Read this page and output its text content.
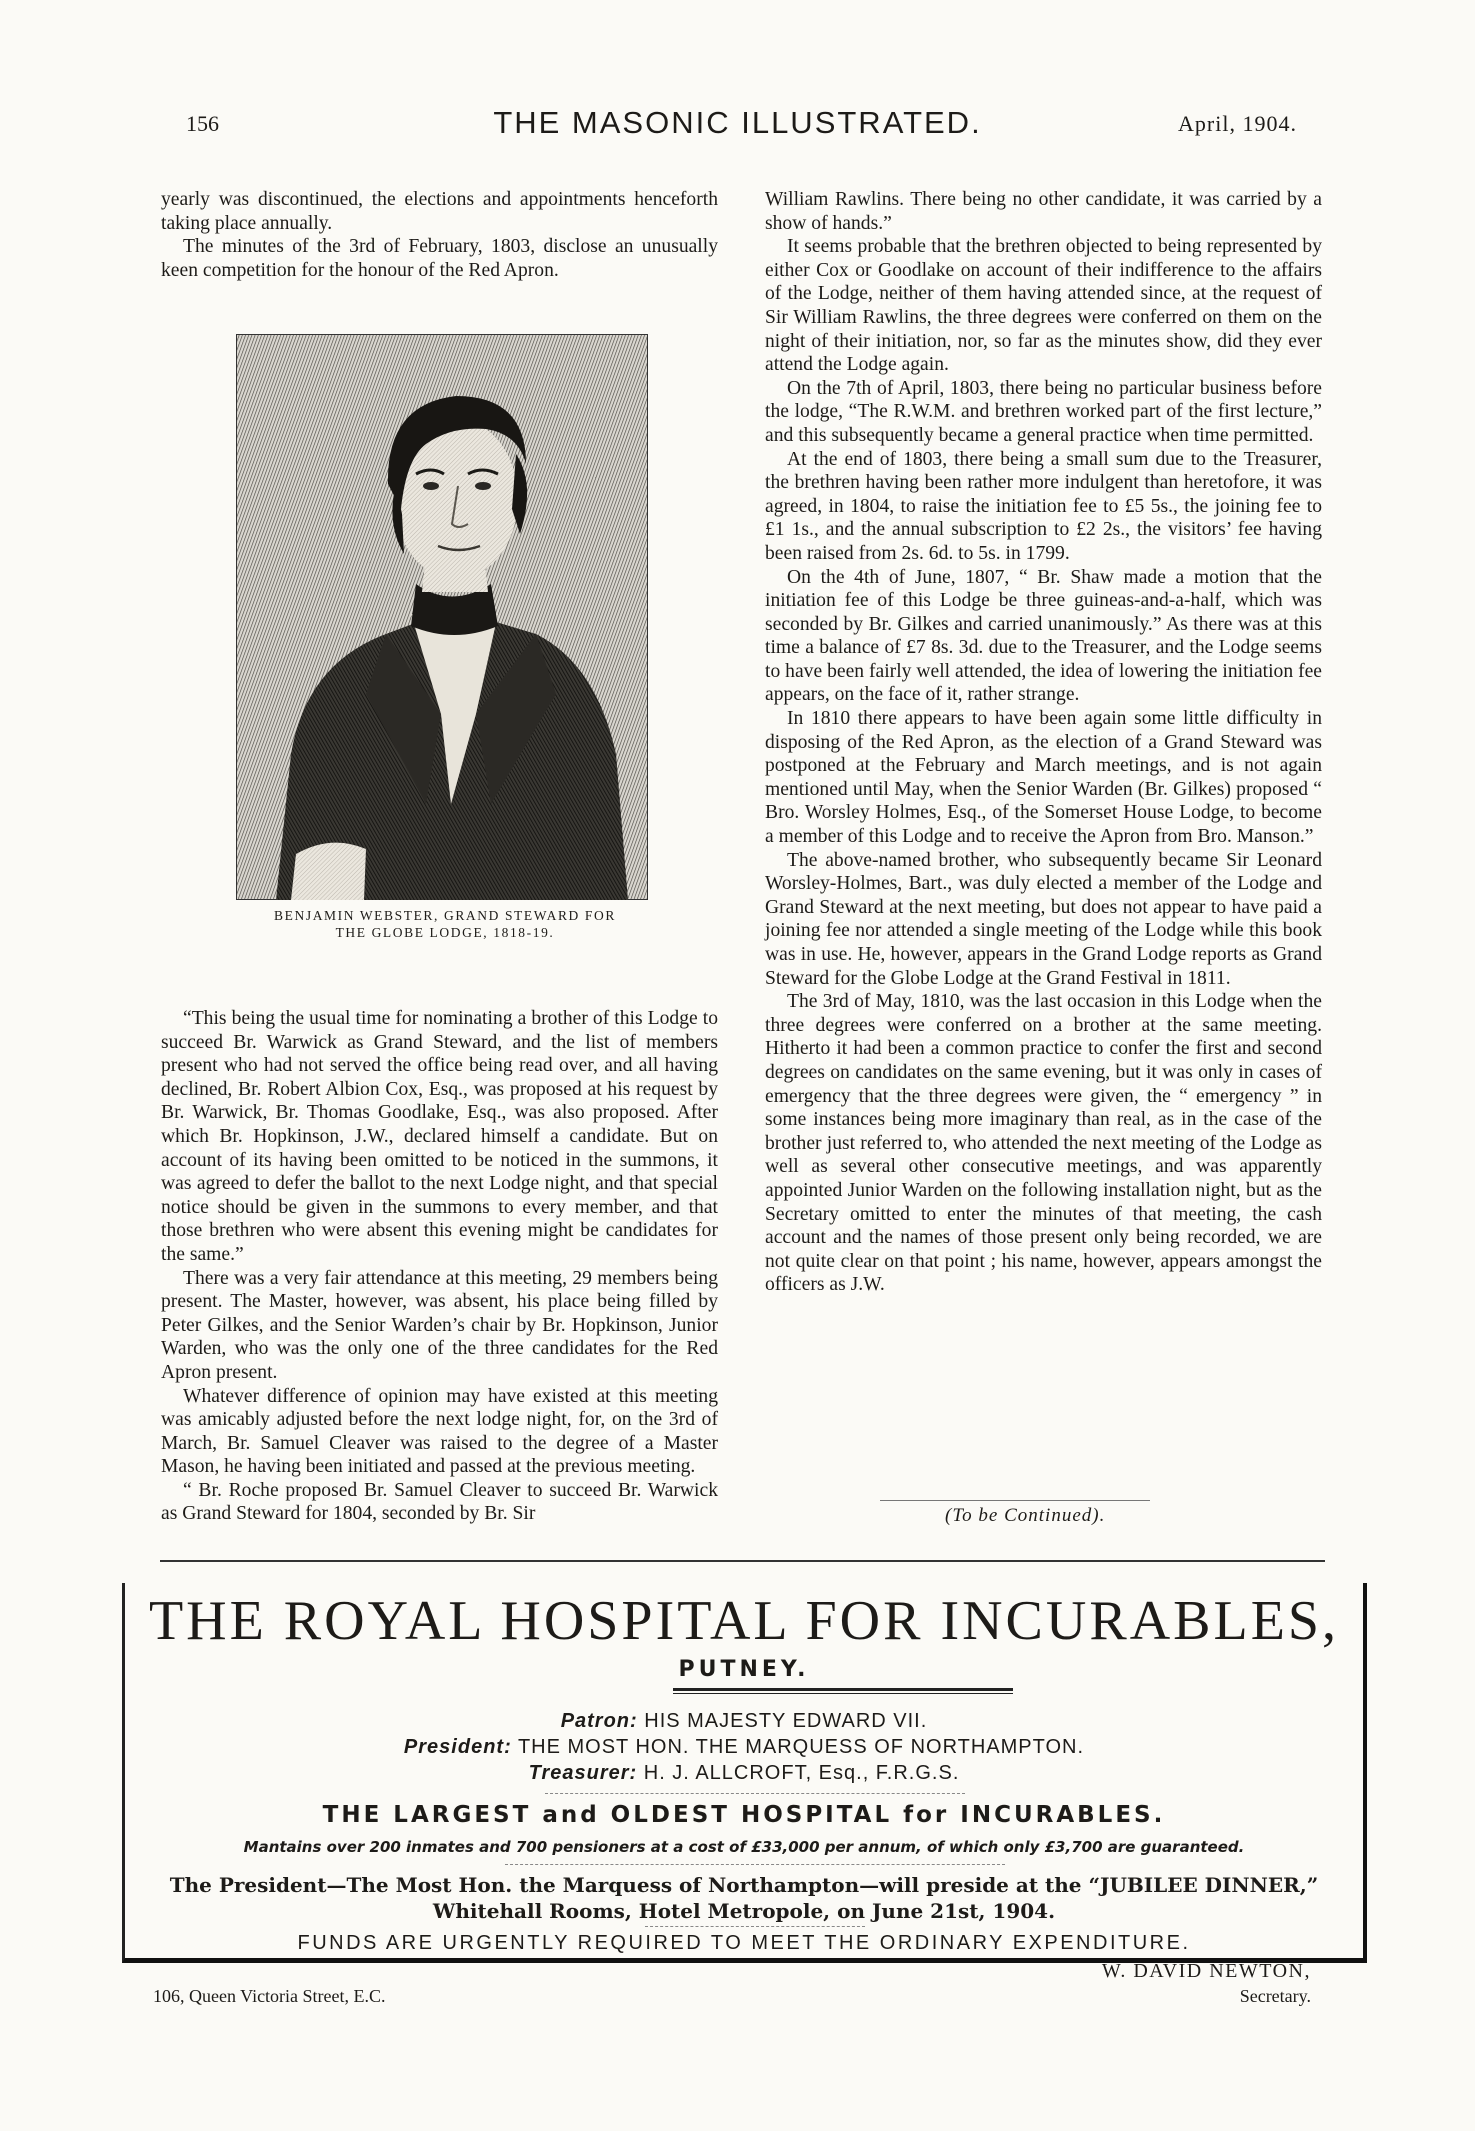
156	THE MASONIC ILLUSTRATED.	April, 1904.

yearly was discontinued, the elections and appointments henceforth taking place annually.

The minutes of the 3rd of February, 1803, disclose an unusually keen competition for the honour of the Red Apron.

BENJAMIN WEBSTER, GRAND STEWARD FOR THE GLOBE LODGE, 1818-19.

“This being the usual time for nominating a brother of this Lodge to succeed Br. Warwick as Grand Steward, and the list of members present who had not served the office being read over, and all having declined, Br. Robert Albion Cox, Esq., was proposed at his request by Br. Warwick, Br. Thomas Goodlake, Esq., was also proposed. After which Br. Hopkinson, J.W., declared himself a candidate. But on account of its having been omitted to be noticed in the summons, it was agreed to defer the ballot to the next Lodge night, and that special notice should be given in the summons to every member, and that those brethren who were absent this evening might be candidates for the same.”

There was a very fair attendance at this meeting, 29 members being present. The Master, however, was absent, his place being filled by Peter Gilkes, and the Senior Warden’s chair by Br. Hopkinson, Junior Warden, who was the only one of the three candidates for the Red Apron present.

Whatever difference of opinion may have existed at this meeting was amicably adjusted before the next lodge night, for, on the 3rd of March, Br. Samuel Cleaver was raised to the degree of a Master Mason, he having been initiated and passed at the previous meeting.

“ Br. Roche proposed Br. Samuel Cleaver to succeed Br. Warwick as Grand Steward for 1804, seconded by Br. Sir

William Rawlins. There being no other candidate, it was carried by a show of hands.”

It seems probable that the brethren objected to being represented by either Cox or Goodlake on account of their indifference to the affairs of the Lodge, neither of them having attended since, at the request of Sir William Rawlins, the three degrees were conferred on them on the night of their initiation, nor, so far as the minutes show, did they ever attend the Lodge again.

On the 7th of April, 1803, there being no particular business before the lodge, “The R.W.M. and brethren worked part of the first lecture,” and this subsequently became a general practice when time permitted.

At the end of 1803, there being a small sum due to the Treasurer, the brethren having been rather more indulgent than heretofore, it was agreed, in 1804, to raise the initiation fee to £5 5s., the joining fee to £1 1s., and the annual subscription to £2 2s., the visitors’ fee having been raised from 2s. 6d. to 5s. in 1799.

On the 4th of June, 1807, “ Br. Shaw made a motion that the initiation fee of this Lodge be three guineas-and-a-half, which was seconded by Br. Gilkes and carried unanimously.” As there was at this time a balance of £7 8s. 3d. due to the Treasurer, and the Lodge seems to have been fairly well attended, the idea of lowering the initiation fee appears, on the face of it, rather strange.

In 1810 there appears to have been again some little difficulty in disposing of the Red Apron, as the election of a Grand Steward was postponed at the February and March meetings, and is not again mentioned until May, when the Senior Warden (Br. Gilkes) proposed “ Bro. Worsley Holmes, Esq., of the Somerset House Lodge, to become a member of this Lodge and to receive the Apron from Bro. Manson.”

The above-named brother, who subsequently became Sir Leonard Worsley-Holmes, Bart., was duly elected a member of the Lodge and Grand Steward at the next meeting, but does not appear to have paid a joining fee nor attended a single meeting of the Lodge while this book was in use. He, however, appears in the Grand Lodge reports as Grand Steward for the Globe Lodge at the Grand Festival in 1811.

The 3rd of May, 1810, was the last occasion in this Lodge when the three degrees were conferred on a brother at the same meeting. Hitherto it had been a common practice to confer the first and second degrees on candidates on the same evening, but it was only in cases of emergency that the three degrees were given, the “ emergency ” in some instances being more imaginary than real, as in the case of the brother just referred to, who attended the next meeting of the Lodge as well as several other consecutive meetings, and was apparently appointed Junior Warden on the following installation night, but as the Secretary omitted to enter the minutes of that meeting, the cash account and the names of those present only being recorded, we are not quite clear on that point ; his name, however, appears amongst the officers as J.W.

(To be Continued).
THE ROYAL HOSPITAL FOR INCURABLES,
PUTNEY.
Patron: HIS MAJESTY EDWARD VII.
President: THE MOST HON. THE MARQUESS OF NORTHAMPTON.
Treasurer: H. J. ALLCROFT, Esq., F.R.G.S.
THE LARGEST and OLDEST HOSPITAL for INCURABLES.
Mantains over 200 inmates and 700 pensioners at a cost of £33,000 per annum, of which only £3,700 are guaranteed.
The President—The Most Hon. the Marquess of Northampton—will preside at the “JUBILEE DINNER,”
Whitehall Rooms, Hotel Metropole, on June 21st, 1904.
FUNDS ARE URGENTLY REQUIRED TO MEET THE ORDINARY EXPENDITURE.
W. DAVID NEWTON,
106, Queen Victoria Street, E.C.	Secretary.
